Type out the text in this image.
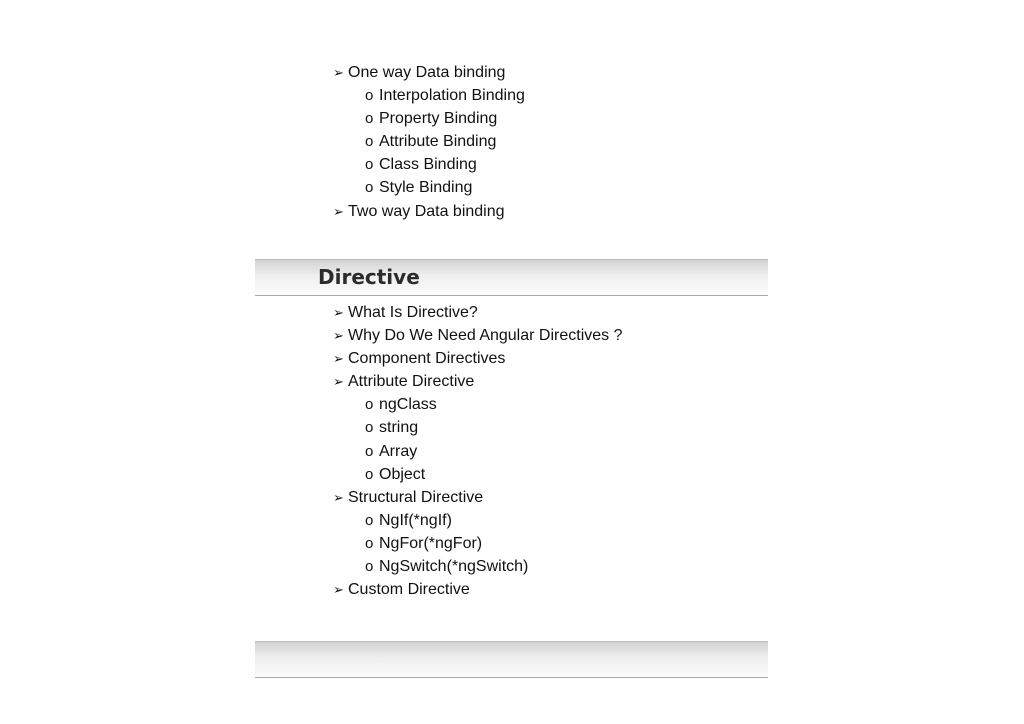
➢ One way Data binding
o Interpolation Binding
o Property Binding
o Attribute Binding
o Class Binding
o Style Binding
➢ Two way Data binding
Directive
➢ What Is Directive?
➢ Why Do We Need Angular Directives ?
➢ Component Directives
➢ Attribute Directive
o ngClass
o string
o Array
o Object
➢ Structural Directive
o NgIf(*ngIf)
o NgFor(*ngFor)
o NgSwitch(*ngSwitch)
➢ Custom Directive
